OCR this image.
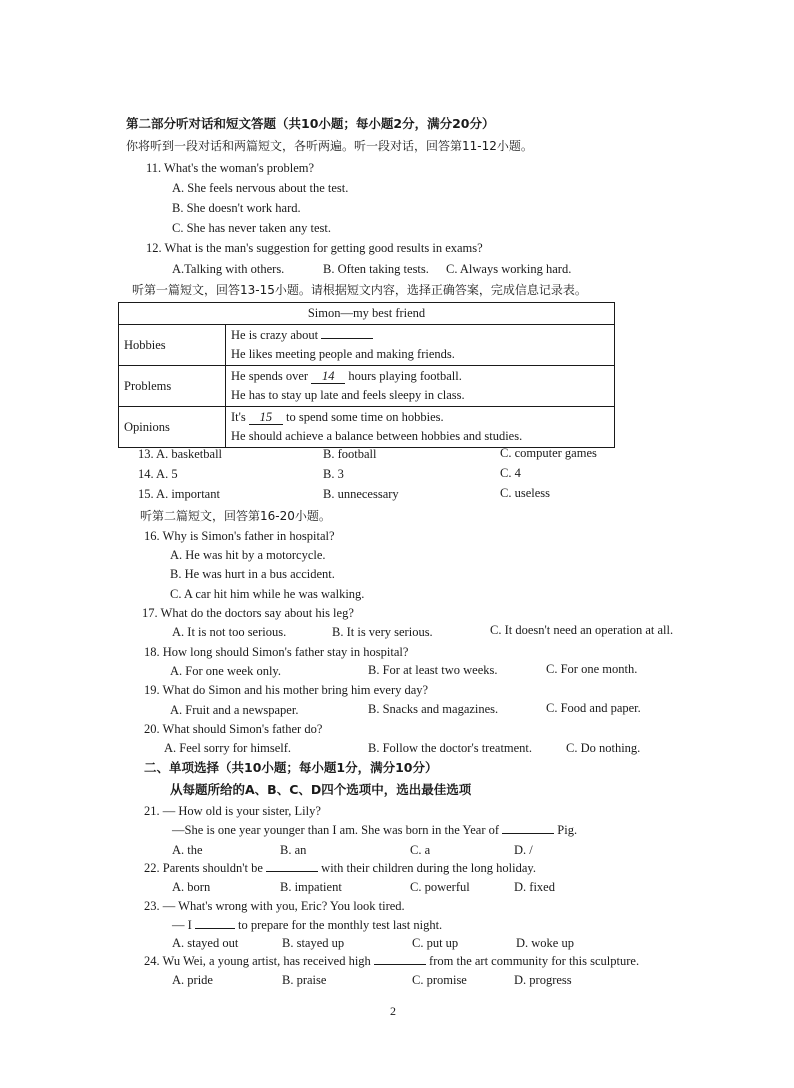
第二部分听对话和短文答题（共10小题；每小题2分，满分20分）
你将听到一段对话和两篇短文，各听两遍。听一段对话，回答第11-12小题。
11. What's the woman's problem?
A. She feels nervous about the test.
B. She doesn't work hard.
C. She has never taken any test.
12. What is the man's suggestion for getting good results in exams?
A.Talking with others.	B. Often taking tests. C. Always working hard.
听第一篇短文，回答13-15小题。请根据短文内容，选择正确答案，完成信息记录表。
Simon—my best friend	
Hobbies	He is crazy about
He likes meeting people and making friends.

Problems	He spends over 14 hours playing football.
He has to stay up late and feels sleepy in class.

Opinions	It's 15 to spend some time on hobbies.
He should achieve a balance between hobbies and studies.
13. A. basketball	B. football	C. computer games
14. A. 5	B. 3	C. 4
15. A. important	B. unnecessary	C. useless
听第二篇短文，回答第16-20小题。
16. Why is Simon's father in hospital?
A. He was hit by a motorcycle.
B. He was hurt in a bus accident.
C. A car hit him while he was walking.
17. What do the doctors say about his leg?
A. It is not too serious.	B. It is very serious.	C. It doesn't need an operation at all.
18. How long should Simon's father stay in hospital?
A. For one week only.	B. For at least two weeks.	C. For one month.
19. What do Simon and his mother bring him every day?
A. Fruit and a newspaper.	B. Snacks and magazines.	C. Food and paper.
20. What should Simon's father do?
A. Feel sorry for himself.	B. Follow the doctor's treatment.	C. Do nothing.
二、单项选择（共10小题；每小题1分，满分10分）
从每题所给的A、B、C、D四个选项中，选出最佳选项
21. — How old is your sister, Lily?
—She is one year younger than I am. She was born in the Year of	Pig.
A. the	B. an	C. a	D. /
22. Parents shouldn't be	with their children during the long holiday.
A. born	B. impatient	C. powerful	D. fixed
23. — What's wrong with you, Eric? You look tired.
— I	to prepare for the monthly test last night.
A. stayed out	B. stayed up	C. put up	D. woke up
24. Wu Wei, a young artist, has received high	from the art community for this sculpture.
A. pride	B. praise	C. promise	D. progress
2
